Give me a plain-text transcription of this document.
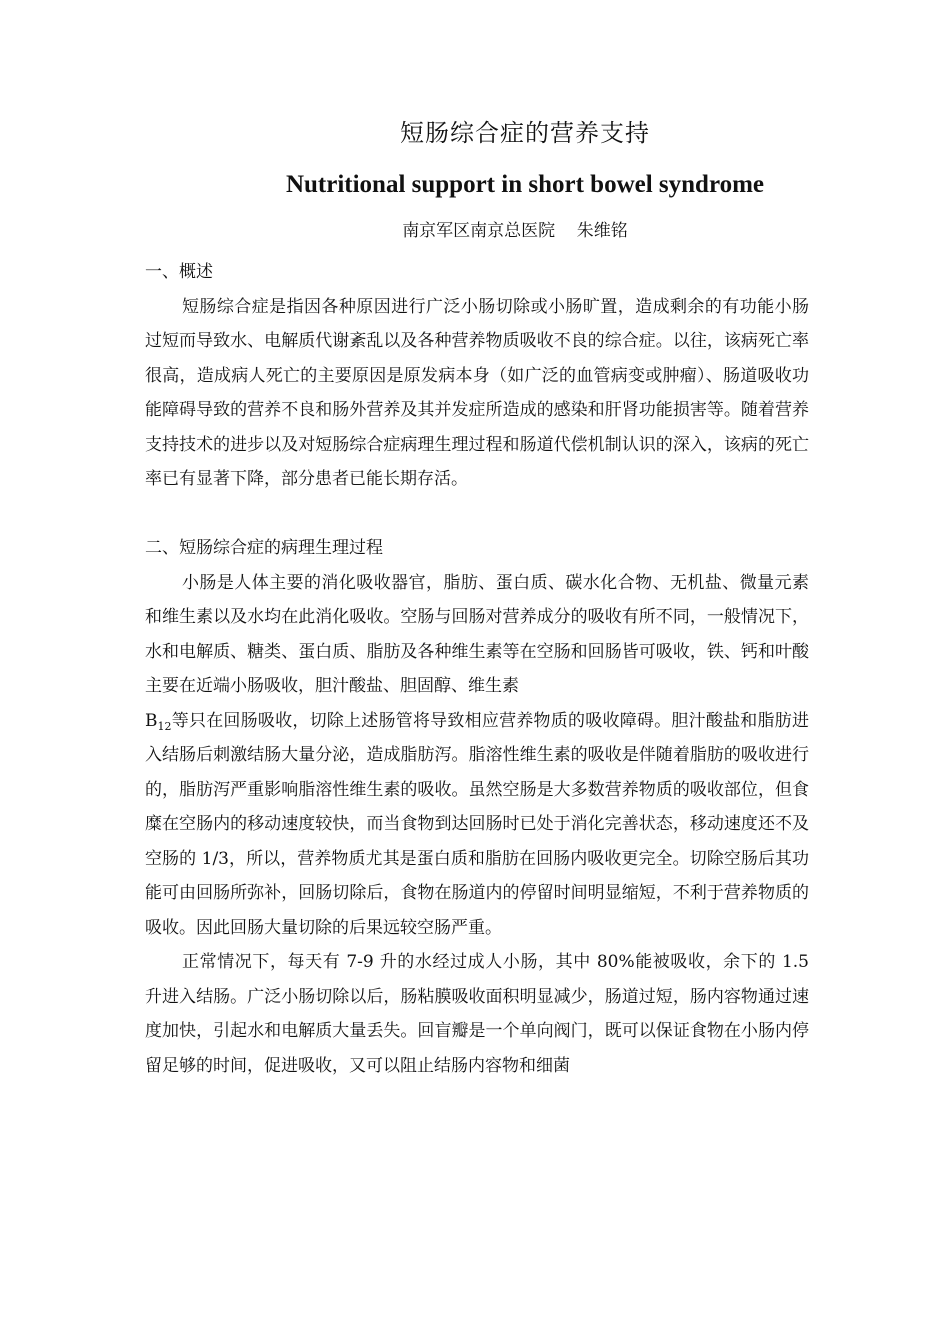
短肠综合症的营养支持
Nutritional support in short bowel syndrome
南京军区南京总医院    朱维铭

一、概述

短肠综合症是指因各种原因进行广泛小肠切除或小肠旷置，造成剩余的有功能小肠过短而导致水、电解质代谢紊乱以及各种营养物质吸收不良的综合症。以往，该病死亡率很高，造成病人死亡的主要原因是原发病本身（如广泛的血管病变或肿瘤）、肠道吸收功能障碍导致的营养不良和肠外营养及其并发症所造成的感染和肝肾功能损害等。随着营养支持技术的进步以及对短肠综合症病理生理过程和肠道代偿机制认识的深入，该病的死亡率已有显著下降，部分患者已能长期存活。

二、短肠综合症的病理生理过程

小肠是人体主要的消化吸收器官，脂肪、蛋白质、碳水化合物、无机盐、微量元素和维生素以及水均在此消化吸收。空肠与回肠对营养成分的吸收有所不同，一般情况下，水和电解质、糖类、蛋白质、脂肪及各种维生素等在空肠和回肠皆可吸收，铁、钙和叶酸主要在近端小肠吸收，胆汁酸盐、胆固醇、维生素
$B_{12}$等只在回肠吸收，切除上述肠管将导致相应营养物质的吸收障碍。胆汁酸盐和脂肪进入结肠后刺激结肠大量分泌，造成脂肪泻。脂溶性维生素的吸收是伴随着脂肪的吸收进行的，脂肪泻严重影响脂溶性维生素的吸收。虽然空肠是大多数营养物质的吸收部位，但食糜在空肠内的移动速度较快，而当食物到达回肠时已处于消化完善状态，移动速度还不及空肠的 1/3，所以，营养物质尤其是蛋白质和脂肪在回肠内吸收更完全。切除空肠后其功能可由回肠所弥补，回肠切除后，食物在肠道内的停留时间明显缩短，不利于营养物质的吸收。因此回肠大量切除的后果远较空肠严重。

正常情况下，每天有 7-9 升的水经过成人小肠，其中 80%能被吸收，余下的 1.5 升进入结肠。广泛小肠切除以后，肠粘膜吸收面积明显减少，肠道过短，肠内容物通过速度加快，引起水和电解质大量丢失。回盲瓣是一个单向阀门，既可以保证食物在小肠内停留足够的时间，促进吸收，又可以阻止结肠内容物和细菌
